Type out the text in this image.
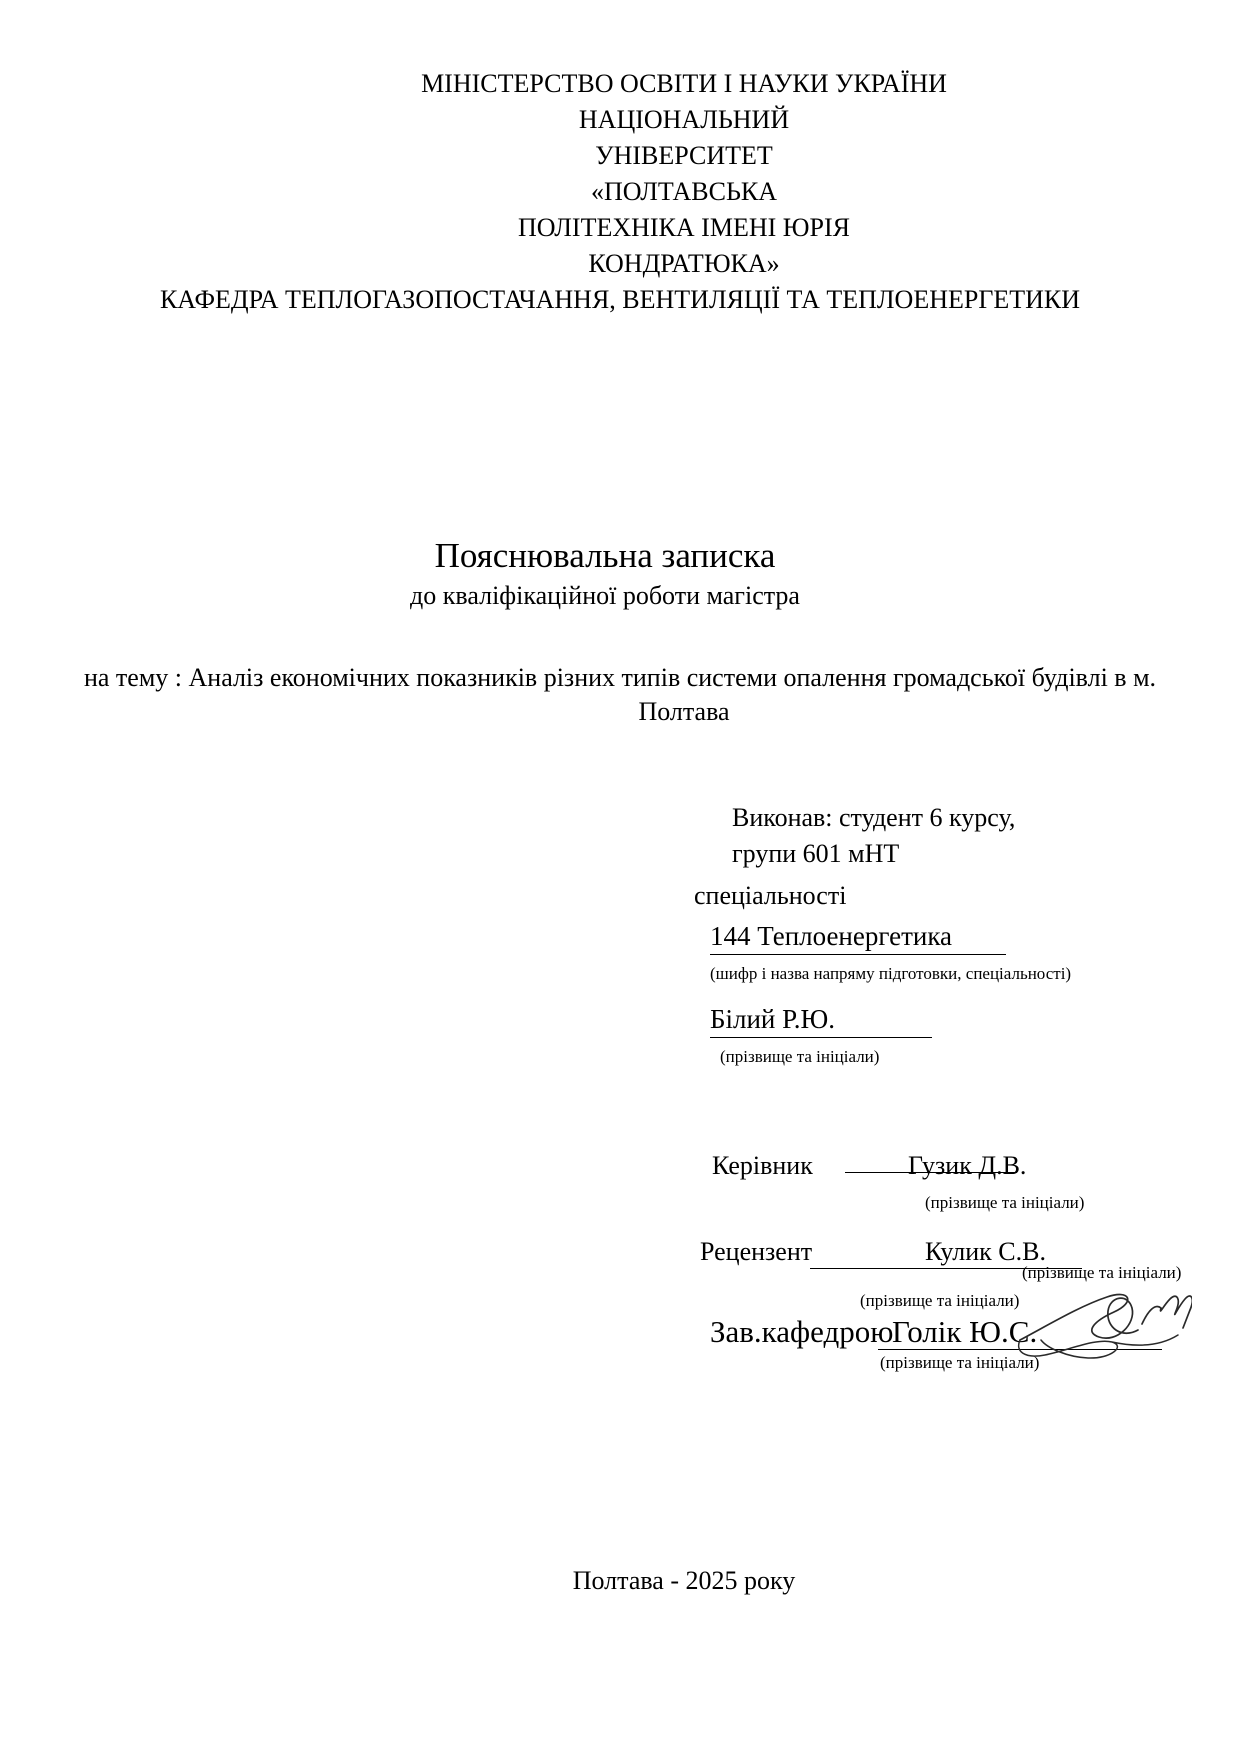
МІНІСТЕРСТВО ОСВІТИ І НАУКИ УКРАЇНИ
НАЦІОНАЛЬНИЙ
УНІВЕРСИТЕТ
«ПОЛТАВСЬКА
ПОЛІТЕХНІКА ІМЕНІ ЮРІЯ
КОНДРАТЮКА»
КАФЕДРА ТЕПЛОГАЗОПОСТАЧАННЯ, ВЕНТИЛЯЦІЇ ТА ТЕПЛОЕНЕРГЕТИКИ
Пояснювальна записка
до кваліфікаційної роботи магістра
на тему : Аналіз економічних показників різних типів системи опалення громадської будівлі в м.
Полтава
Виконав: студент 6 курсу,
групи 601 мНТ
спеціальності
144 Теплоенергетика
(шифр і назва напряму підготовки, спеціальності)
Білий Р.Ю.
(прізвище та ініціали)
Керівник	Гузик Д.В.
(прізвище та ініціали)
Рецензент	Кулик С.В.
(прізвище та ініціали)
(прізвище та ініціали)
Зав.кафедрою
Голік Ю.С.
(прізвище та ініціали)
Полтава - 2025 року
